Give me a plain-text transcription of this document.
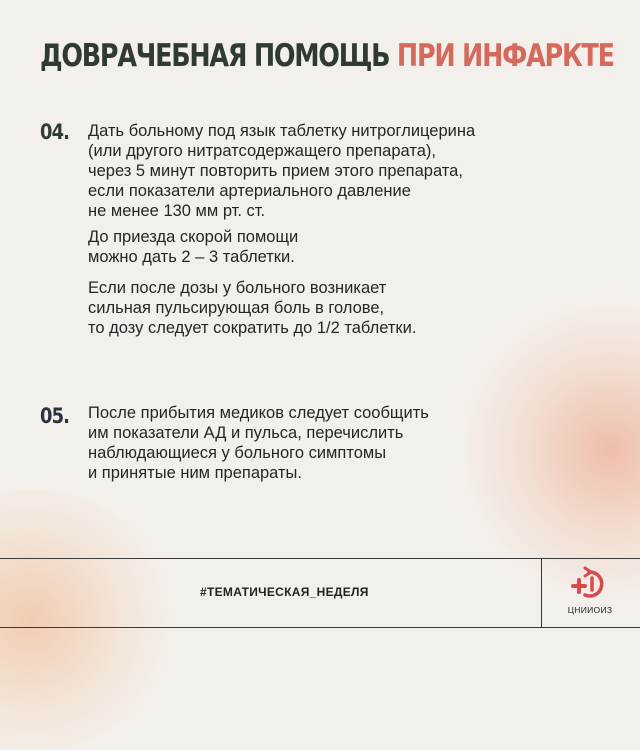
ДОВРАЧЕБНАЯ ПОМОЩЬ ПРИ ИНФАРКТЕ
04. Дать больному под язык таблетку нитроглицерина
(или другого нитратсодержащего препарата),
через 5 минут повторить прием этого препарата,
если показатели артериального давление
не менее 130 мм рт. ст.

До приезда скорой помощи
можно дать 2 – 3 таблетки.

Если после дозы у больного возникает
сильная пульсирующая боль в голове,
то дозу следует сократить до 1/2 таблетки.

05. После прибытия медиков следует сообщить
им показатели АД и пульса, перечислить
наблюдающиеся у больного симптомы
и принятые ним препараты.

#ТЕМАТИЧЕСКАЯ_НЕДЕЛЯ
ЦНИИОИЗ
